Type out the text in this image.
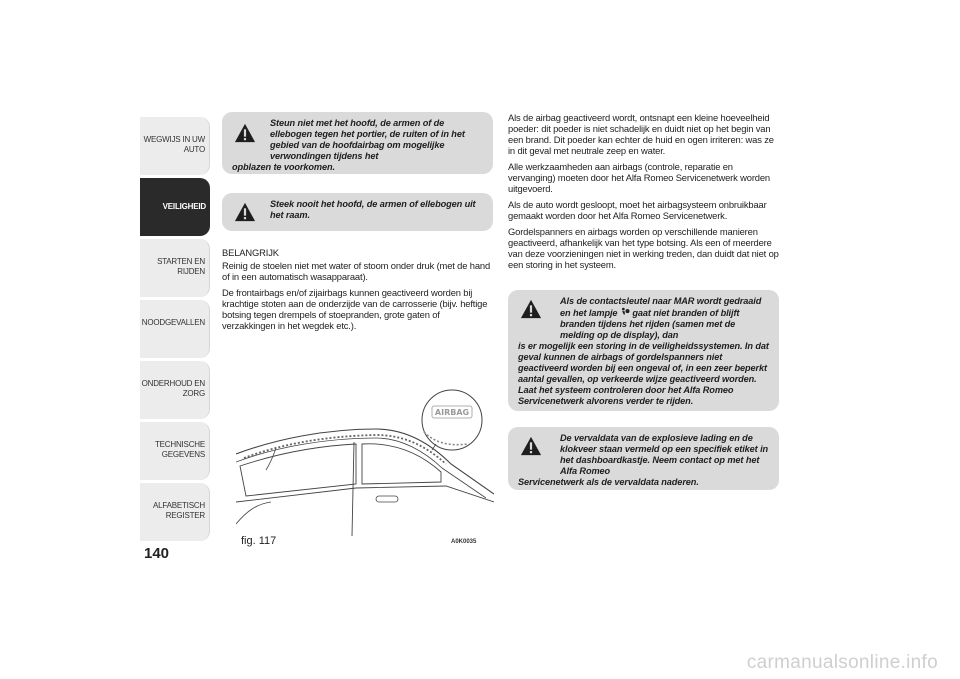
WEGWIJS IN UW AUTO
VEILIGHEID
STARTEN EN RIJDEN
NOODGEVALLEN
ONDERHOUD EN ZORG
TECHNISCHE GEGEVENS
ALFABETISCH REGISTER
140

Steun niet met het hoofd, de armen of de ellebogen tegen het portier, de ruiten of in het gebied van de hoofdairbag om mogelijke verwondingen tijdens het

opblazen te voorkomen.

Steek nooit het hoofd, de armen of ellebogen uit het raam.

BELANGRIJK

Reinig de stoelen niet met water of stoom onder druk (met de hand of in een automatisch wasapparaat).

De frontairbags en/of zijairbags kunnen geactiveerd worden bij krachtige stoten aan de onderzijde van de carrosserie (bijv. heftige botsing tegen drempels of stoepranden, grote gaten of verzakkingen in het wegdek etc.).

AIRBAG
fig. 117	A0K0035

Als de airbag geactiveerd wordt, ontsnapt een kleine hoeveelheid poeder: dit poeder is niet schadelijk en duidt niet op het begin van een brand. Dit poeder kan echter de huid en ogen irriteren: was ze in dit geval met neutrale zeep en water.

Alle werkzaamheden aan airbags (controle, reparatie en vervanging) moeten door het Alfa Romeo Servicenetwerk worden uitgevoerd.

Als de auto wordt gesloopt, moet het airbagsysteem onbruikbaar gemaakt worden door het Alfa Romeo Servicenetwerk.

Gordelspanners en airbags worden op verschillende manieren geactiveerd, afhankelijk van het type botsing. Als een of meerdere van deze voorzieningen niet in werking treden, dan duidt dat niet op een storing in het systeem.

Als de contactsleutel naar MAR wordt gedraaid en het lampje gaat niet branden of blijft branden tijdens het rijden (samen met de melding op de display), dan

is er mogelijk een storing in de veiligheidssystemen. In dat geval kunnen de airbags of gordelspanners niet geactiveerd worden bij een ongeval of, in een zeer beperkt aantal gevallen, op verkeerde wijze geactiveerd worden. Laat het systeem controleren door het Alfa Romeo Servicenetwerk alvorens verder te rijden.

De vervaldata van de explosieve lading en de klokveer staan vermeld op een specifiek etiket in het dashboardkastje. Neem contact op met het Alfa Romeo

Servicenetwerk als de vervaldata naderen.

carmanualsonline.info
